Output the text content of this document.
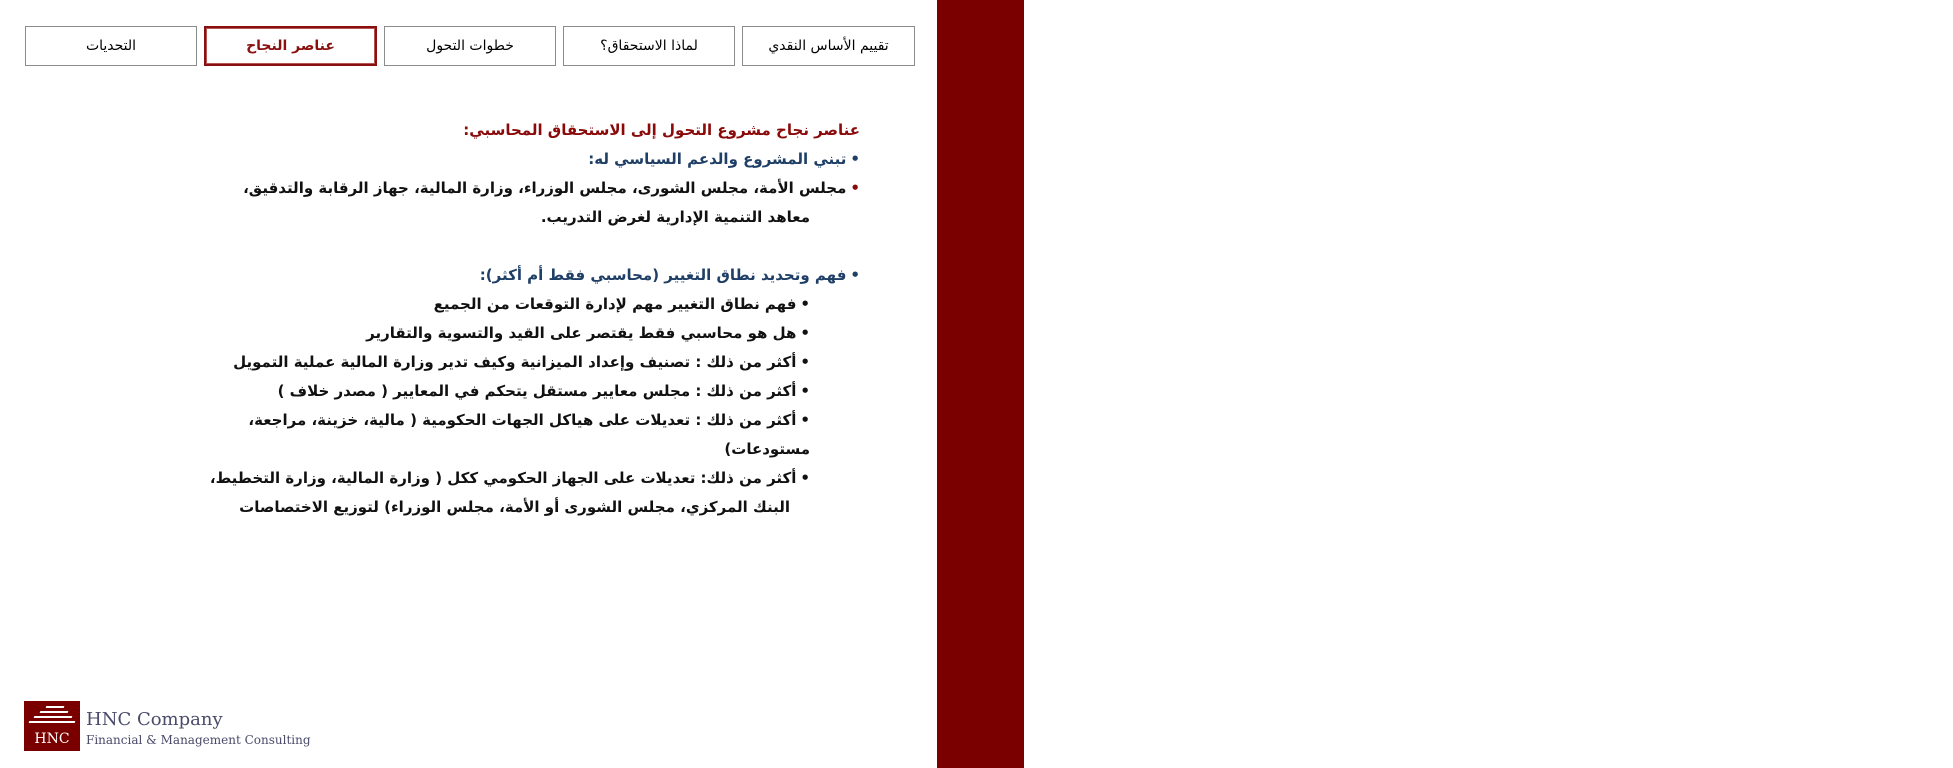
HNC
تقييم الأساس النقدي
لماذا الاستحقاق؟
خطوات التحول
عناصر النجاح
التحديات

عناصر نجاح مشروع التحول إلى الاستحقاق المحاسبي:

•تبني المشروع والدعم السياسي له:

•مجلس الأمة، مجلس الشورى، مجلس الوزراء، وزارة المالية، جهاز الرقابة والتدقيق،

معاهد التنمية الإدارية لغرض التدريب.

•فهم وتحديد نطاق التغيير (محاسبي فقط أم أكثر):

•فهم نطاق التغيير مهم لإدارة التوقعات من الجميع

•هل هو محاسبي فقط يقتصر على القيد والتسوية والتقارير

•أكثر من ذلك : تصنيف وإعداد الميزانية وكيف تدير وزارة المالية عملية التمويل

•أكثر من ذلك : مجلس معايير مستقل يتحكم في المعايير ( مصدر خلاف )

•أكثر من ذلك : تعديلات على هياكل الجهات الحكومية ( مالية، خزينة، مراجعة،

مستودعات)

•أكثر من ذلك: تعديلات على الجهاز الحكومي ككل ( وزارة المالية، وزارة التخطيط،

البنك المركزي، مجلس الشورى أو الأمة، مجلس الوزراء) لتوزيع الاختصاصات

HNC
HNC Company
Financial & Management Consulting
